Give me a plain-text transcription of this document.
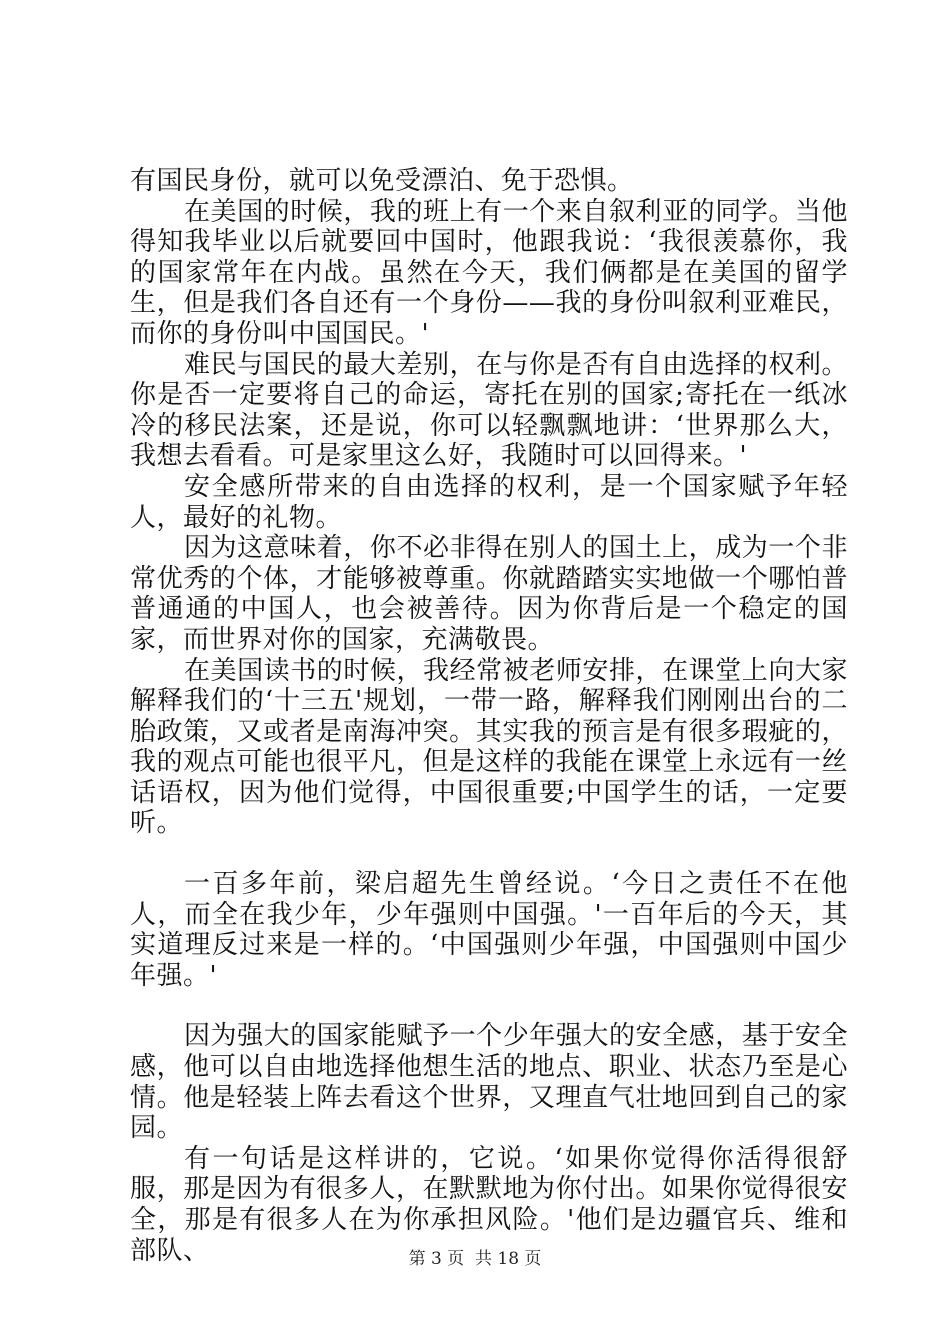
有国民身份，就可以免受漂泊、免于恐惧。

在美国的时候，我的班上有一个来自叙利亚的同学。当他得知我毕业以后就要回中国时，他跟我说：‘我很羡慕你，我的国家常年在内战。虽然在今天，我们俩都是在美国的留学生，但是我们各自还有一个身份——我的身份叫叙利亚难民，而你的身份叫中国国民。'

难民与国民的最大差别，在与你是否有自由选择的权利。你是否一定要将自己的命运，寄托在别的国家;寄托在一纸冰冷的移民法案，还是说，你可以轻飘飘地讲：‘世界那么大，我想去看看。可是家里这么好，我随时可以回得来。'

安全感所带来的自由选择的权利，是一个国家赋予年轻人，最好的礼物。

因为这意味着，你不必非得在别人的国土上，成为一个非常优秀的个体，才能够被尊重。你就踏踏实实地做一个哪怕普普通通的中国人，也会被善待。因为你背后是一个稳定的国家，而世界对你的国家，充满敬畏。

在美国读书的时候，我经常被老师安排，在课堂上向大家解释我们的‘十三五'规划，一带一路，解释我们刚刚出台的二胎政策，又或者是南海冲突。其实我的预言是有很多瑕疵的，我的观点可能也很平凡，但是这样的我能在课堂上永远有一丝话语权，因为他们觉得，中国很重要;中国学生的话，一定要听。

一百多年前，梁启超先生曾经说。‘今日之责任不在他人，而全在我少年，少年强则中国强。'一百年后的今天，其实道理反过来是一样的。‘中国强则少年强，中国强则中国少年强。'

因为强大的国家能赋予一个少年强大的安全感，基于安全感，他可以自由地选择他想生活的地点、职业、状态乃至是心情。他是轻装上阵去看这个世界，又理直气壮地回到自己的家园。

有一句话是这样讲的，它说。‘如果你觉得你活得很舒服，那是因为有很多人，在默默地为你付出。如果你觉得很安全，那是有很多人在为你承担风险。'他们是边疆官兵、维和部队、	第 3 页  共 18 页
